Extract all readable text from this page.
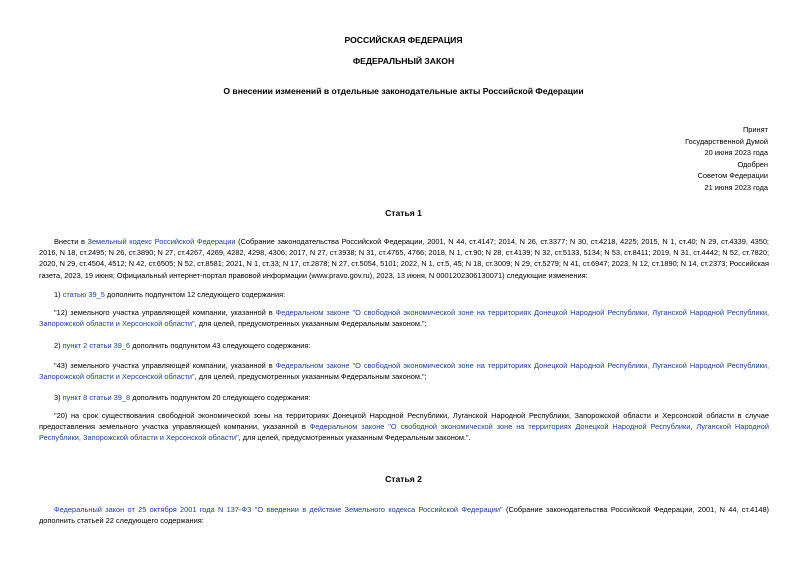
РОССИЙСКАЯ ФЕДЕРАЦИЯ
ФЕДЕРАЛЬНЫЙ ЗАКОН
О внесении изменений в отдельные законодательные акты Российской Федерации
Принят
Государственной Думой
20 июня 2023 года
Одобрен
Советом Федерации
21 июня 2023 года
Статья 1
Внести в Земельный кодекс Российской Федерации (Собрание законодательства Российской Федерации, 2001, N 44, ст.4147; 2014, N 26, ст.3377; N 30, ст.4218, 4225; 2015, N 1, ст.40; N 29, ст.4339, 4350; 2016, N 18, ст.2495; N 26, ст.3890; N 27, ст.4267, 4269, 4282, 4298, 4306; 2017, N 27, ст.3938; N 31, ст.4765, 4766; 2018, N 1, ст.90; N 28, ст.4139; N 32, ст.5133, 5134; N 53, ст.8411; 2019, N 31, ст.4442; N 52, ст.7820; 2020, N 29, ст.4504, 4512; N 42, ст.6505; N 52, ст.8581; 2021, N 1, ст.33; N 17, ст.2878; N 27, ст.5054, 5101; 2022, N 1, ст.5, 45; N 18, ст.3009; N 29, ст.5279; N 41, ст.6947; 2023, N 12, ст.1890; N 14, ст.2373; Российская газета, 2023, 19 июня; Официальный интернет-портал правовой информации (www.pravo.gov.ru), 2023, 13 июня, N 0001202306130071) следующие изменения:
1) статью 39_5 дополнить подпунктом 12 следующего содержания:
"12) земельного участка управляющей компании, указанной в Федеральном законе "О свободной экономической зоне на территориях Донецкой Народной Республики, Луганской Народной Республики, Запорожской области и Херсонской области", для целей, предусмотренных указанным Федеральным законом.";
2) пункт 2 статьи 39_6 дополнить подпунктом 43 следующего содержания:
"43) земельного участка управляющей компании, указанной в Федеральном законе "О свободной экономической зоне на территориях Донецкой Народной Республики, Луганской Народной Республики, Запорожской области и Херсонской области", для целей, предусмотренных указанным Федеральным законом.";
3) пункт 8 статьи 39_8 дополнить подпунктом 20 следующего содержания:
"20) на срок существования свободной экономической зоны на территориях Донецкой Народной Республики, Луганской Народной Республики, Запорожской области и Херсонской области в случае предоставления земельного участка управляющей компании, указанной в Федеральном законе "О свободной экономической зоне на территориях Донецкой Народной Республики, Луганской Народной Республики, Запорожской области и Херсонской области", для целей, предусмотренных указанным Федеральным законом.".
Статья 2
Федеральный закон от 25 октября 2001 года N 137-ФЗ "О введении в действие Земельного кодекса Российской Федерации" (Собрание законодательства Российской Федерации, 2001, N 44, ст.4148) дополнить статьей 22 следующего содержания:
